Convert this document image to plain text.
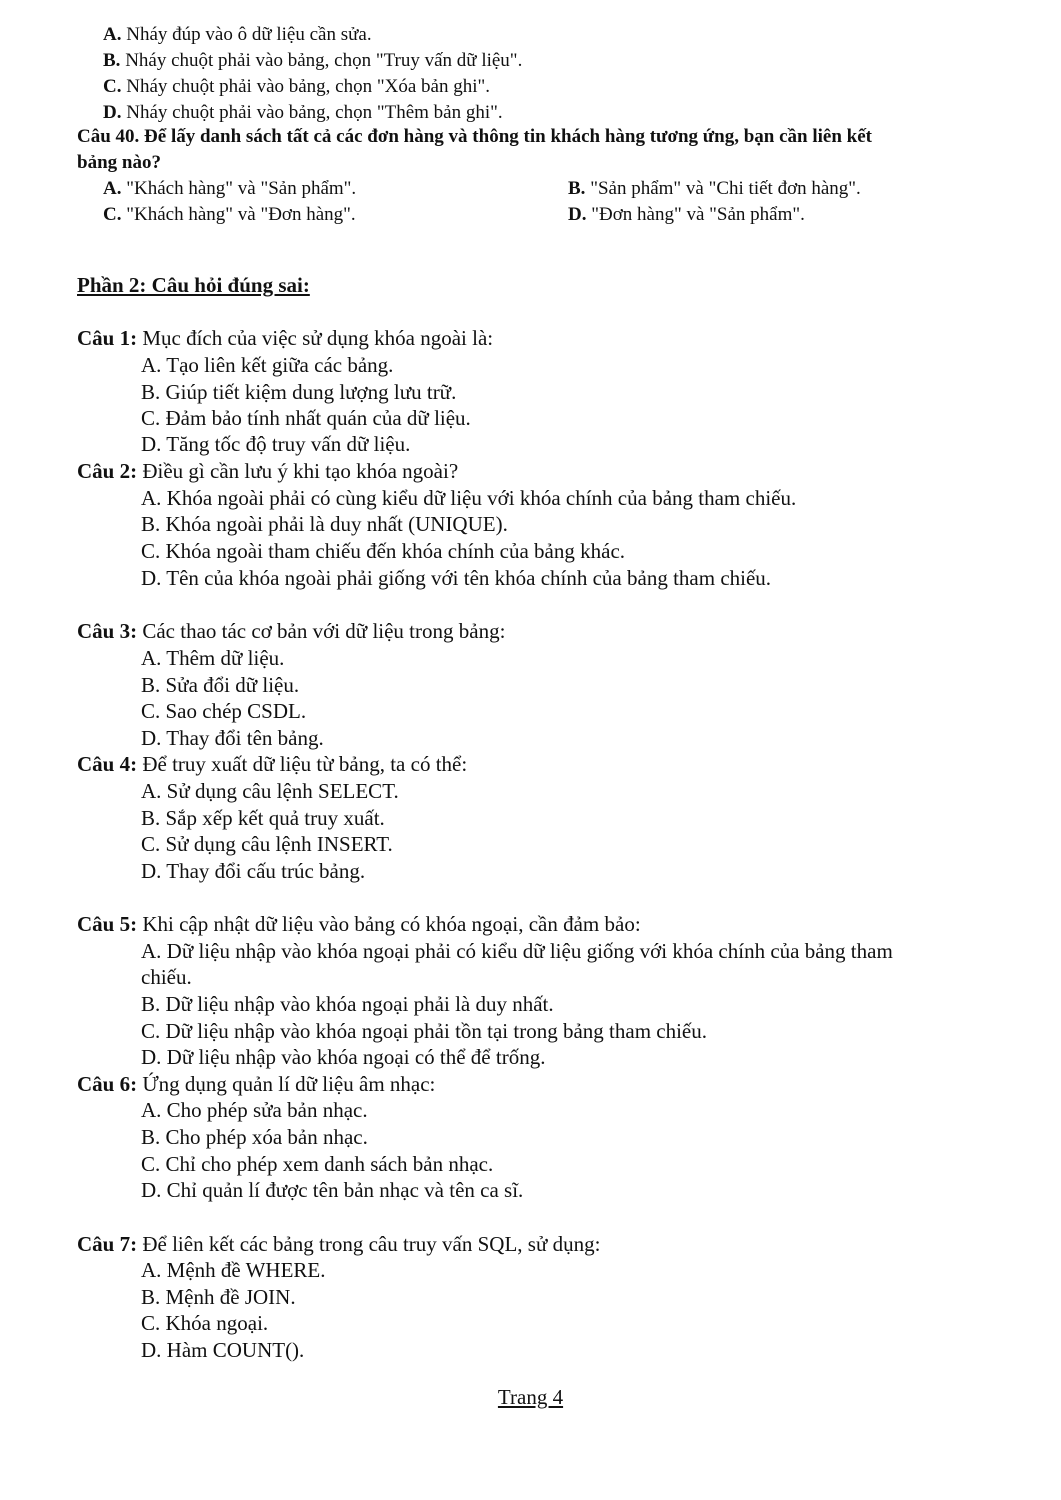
A. Nháy đúp vào ô dữ liệu cần sửa.
B. Nháy chuột phải vào bảng, chọn "Truy vấn dữ liệu".
C. Nháy chuột phải vào bảng, chọn "Xóa bản ghi".
D. Nháy chuột phải vào bảng, chọn "Thêm bản ghi".
Câu 40. Để lấy danh sách tất cả các đơn hàng và thông tin khách hàng tương ứng, bạn cần liên kết
bảng nào?
A. "Khách hàng" và "Sản phẩm".	B. "Sản phẩm" và "Chi tiết đơn hàng".
C. "Khách hàng" và "Đơn hàng".	D. "Đơn hàng" và "Sản phẩm".
Phần 2: Câu hỏi đúng sai:
Câu 1: Mục đích của việc sử dụng khóa ngoài là:
A. Tạo liên kết giữa các bảng.
B. Giúp tiết kiệm dung lượng lưu trữ.
C. Đảm bảo tính nhất quán của dữ liệu.
D. Tăng tốc độ truy vấn dữ liệu.
Câu 2: Điều gì cần lưu ý khi tạo khóa ngoài?
A. Khóa ngoài phải có cùng kiểu dữ liệu với khóa chính của bảng tham chiếu.
B. Khóa ngoài phải là duy nhất (UNIQUE).
C. Khóa ngoài tham chiếu đến khóa chính của bảng khác.
D. Tên của khóa ngoài phải giống với tên khóa chính của bảng tham chiếu.
Câu 3: Các thao tác cơ bản với dữ liệu trong bảng:
A. Thêm dữ liệu.
B. Sửa đổi dữ liệu.
C. Sao chép CSDL.
D. Thay đổi tên bảng.
Câu 4: Để truy xuất dữ liệu từ bảng, ta có thể:
A. Sử dụng câu lệnh SELECT.
B. Sắp xếp kết quả truy xuất.
C. Sử dụng câu lệnh INSERT.
D. Thay đổi cấu trúc bảng.
Câu 5: Khi cập nhật dữ liệu vào bảng có khóa ngoại, cần đảm bảo:
A. Dữ liệu nhập vào khóa ngoại phải có kiểu dữ liệu giống với khóa chính của bảng tham
chiếu.
B. Dữ liệu nhập vào khóa ngoại phải là duy nhất.
C. Dữ liệu nhập vào khóa ngoại phải tồn tại trong bảng tham chiếu.
D. Dữ liệu nhập vào khóa ngoại có thể để trống.
Câu 6: Ứng dụng quản lí dữ liệu âm nhạc:
A. Cho phép sửa bản nhạc.
B. Cho phép xóa bản nhạc.
C. Chỉ cho phép xem danh sách bản nhạc.
D. Chỉ quản lí được tên bản nhạc và tên ca sĩ.
Câu 7: Để liên kết các bảng trong câu truy vấn SQL, sử dụng:
A. Mệnh đề WHERE.
B. Mệnh đề JOIN.
C. Khóa ngoại.
D. Hàm COUNT().
Trang 4
